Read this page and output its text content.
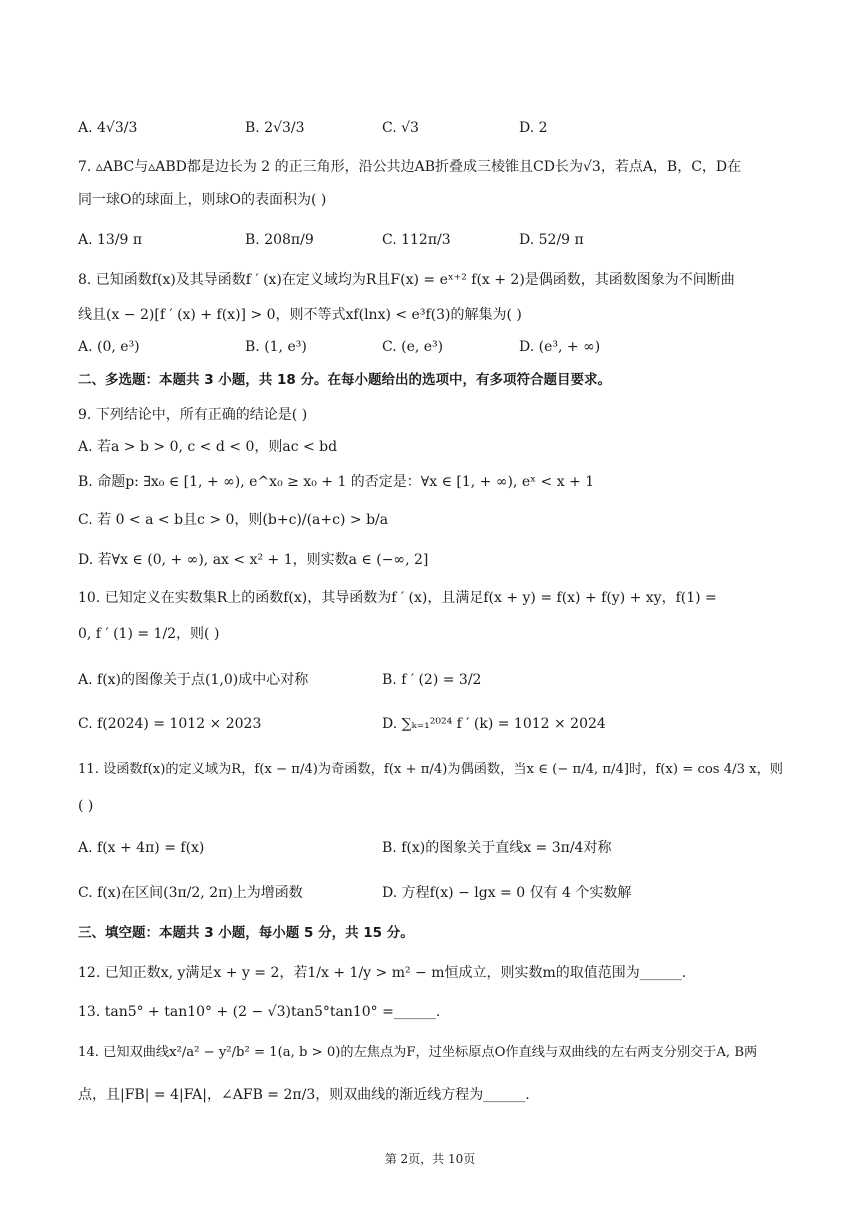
A. 4√3/3	B. 2√3/3	C. √3	D. 2
7. ▵ABC与▵ABD都是边长为 2 的正三角形，沿公共边AB折叠成三棱锥且CD长为√3，若点A，B，C，D在
同一球O的球面上，则球O的表面积为( )
A. 13/9 π	B. 208π/9	C. 112π/3	D. 52/9 π
8. 已知函数f(x)及其导函数f ′ (x)在定义域均为R且F(x) = eˣ⁺² f(x + 2)是偶函数，其函数图象为不间断曲
线且(x − 2)[f ′ (x) + f(x)] > 0，则不等式xf(lnx) < e³f(3)的解集为( )
A. (0, e³)	B. (1, e³)	C. (e, e³)	D. (e³, + ∞)
二、多选题：本题共 3 小题，共 18 分。在每小题给出的选项中，有多项符合题目要求。
9. 下列结论中，所有正确的结论是( )
A. 若a > b > 0, c < d < 0，则ac < bd
B. 命题p: ∃x₀ ∈ [1, + ∞), e^x₀ ≥ x₀ + 1 的否定是：∀x ∈ [1, + ∞), eˣ < x + 1
C. 若 0 < a < b且c > 0，则(b+c)/(a+c) > b/a
D. 若∀x ∈ (0, + ∞), ax < x² + 1，则实数a ∈ (−∞, 2]
10. 已知定义在实数集R上的函数f(x)，其导函数为f ′ (x)，且满足f(x + y) = f(x) + f(y) + xy，f(1) =
0, f ′ (1) = 1/2，则( )
A. f(x)的图像关于点(1,0)成中心对称	B. f ′ (2) = 3/2
C. f(2024) = 1012 × 2023	D. ∑ₖ₌₁²⁰²⁴ f ′ (k) = 1012 × 2024
11. 设函数f(x)的定义域为R，f(x − π/4)为奇函数，f(x + π/4)为偶函数，当x ∈ (− π/4, π/4]时，f(x) = cos 4/3 x，则
( )
A. f(x + 4π) = f(x)	B. f(x)的图象关于直线x = 3π/4对称
C. f(x)在区间(3π/2, 2π)上为增函数	D. 方程f(x) − lgx = 0 仅有 4 个实数解
三、填空题：本题共 3 小题，每小题 5 分，共 15 分。
12. 已知正数x, y满足x + y = 2，若1/x + 1/y > m² − m恒成立，则实数m的取值范围为______.
13. tan5° + tan10° + (2 − √3)tan5°tan10° =______.
14. 已知双曲线x²/a² − y²/b² = 1(a, b > 0)的左焦点为F，过坐标原点O作直线与双曲线的左右两支分别交于A, B两
点，且|FB| = 4|FA|，∠AFB = 2π/3，则双曲线的渐近线方程为______.
第 2页，共 10页
